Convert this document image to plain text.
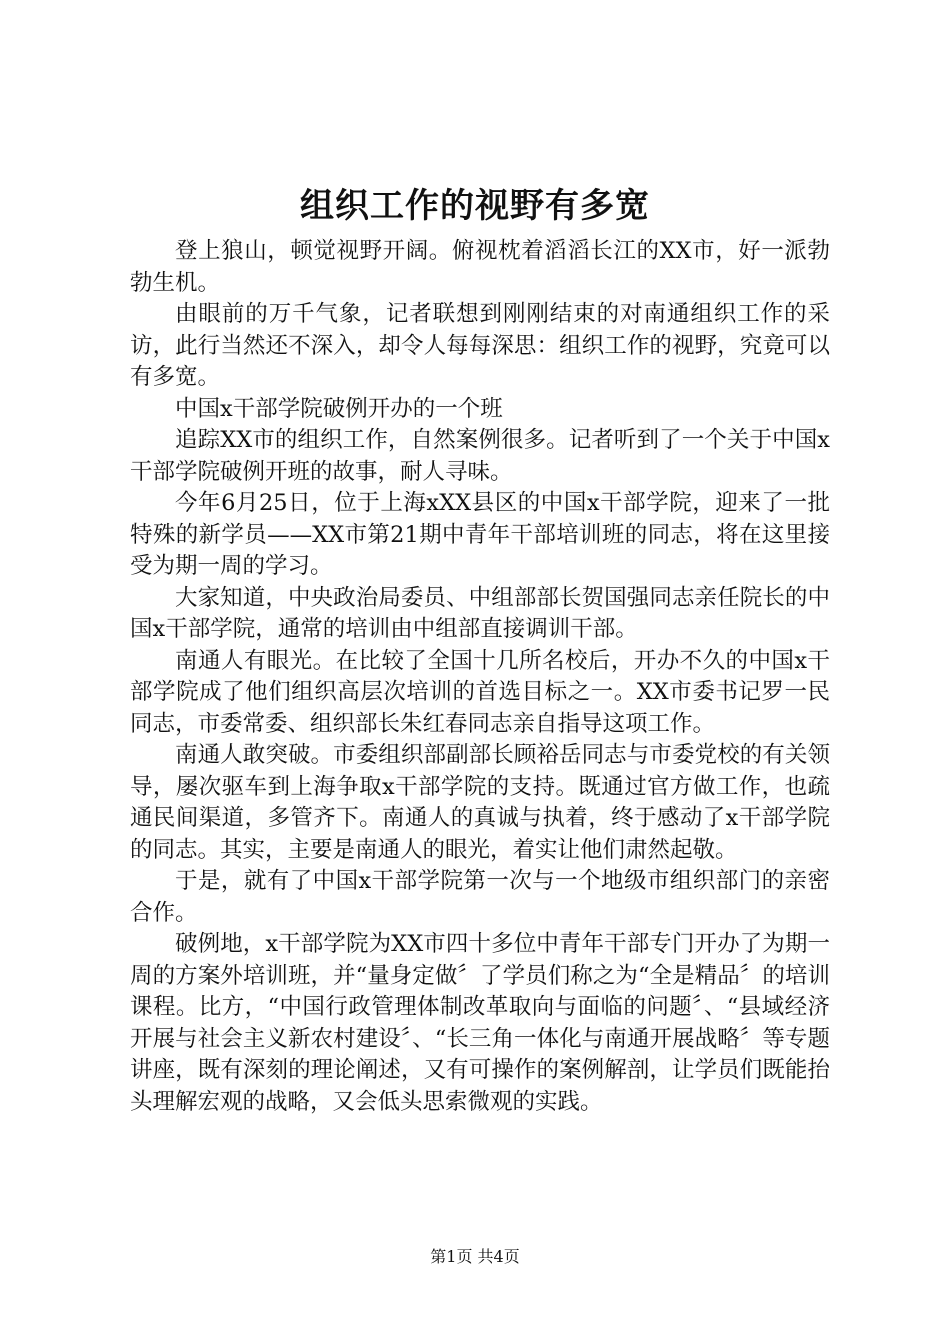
组织工作的视野有多宽

登上狼山，顿觉视野开阔。俯视枕着滔滔长江的XX市，好一派勃勃生机。

由眼前的万千气象，记者联想到刚刚结束的对南通组织工作的采访，此行当然还不深入，却令人每每深思：组织工作的视野，究竟可以有多宽。

中国x干部学院破例开办的一个班

追踪XX市的组织工作，自然案例很多。记者听到了一个关于中国x干部学院破例开班的故事，耐人寻味。

今年6月25日，位于上海xXX县区的中国x干部学院，迎来了一批特殊的新学员——XX市第21期中青年干部培训班的同志，将在这里接受为期一周的学习。

大家知道，中央政治局委员、中组部部长贺国强同志亲任院长的中国x干部学院，通常的培训由中组部直接调训干部。

南通人有眼光。在比较了全国十几所名校后，开办不久的中国x干部学院成了他们组织高层次培训的首选目标之一。XX市委书记罗一民同志，市委常委、组织部长朱红春同志亲自指导这项工作。

南通人敢突破。市委组织部副部长顾裕岳同志与市委党校的有关领导，屡次驱车到上海争取x干部学院的支持。既通过官方做工作，也疏通民间渠道，多管齐下。南通人的真诚与执着，终于感动了x干部学院的同志。其实，主要是南通人的眼光，着实让他们肃然起敬。

于是，就有了中国x干部学院第一次与一个地级市组织部门的亲密合作。

破例地，x干部学院为XX市四十多位中青年干部专门开办了为期一周的方案外培训班，并“量身定做〞了学员们称之为“全是精品〞的培训课程。比方，“中国行政管理体制改革取向与面临的问题〞、“县域经济开展与社会主义新农村建设〞、“长三角一体化与南通开展战略〞等专题讲座，既有深刻的理论阐述，又有可操作的案例解剖，让学员们既能抬头理解宏观的战略，又会低头思索微观的实践。

第1页 共4页
